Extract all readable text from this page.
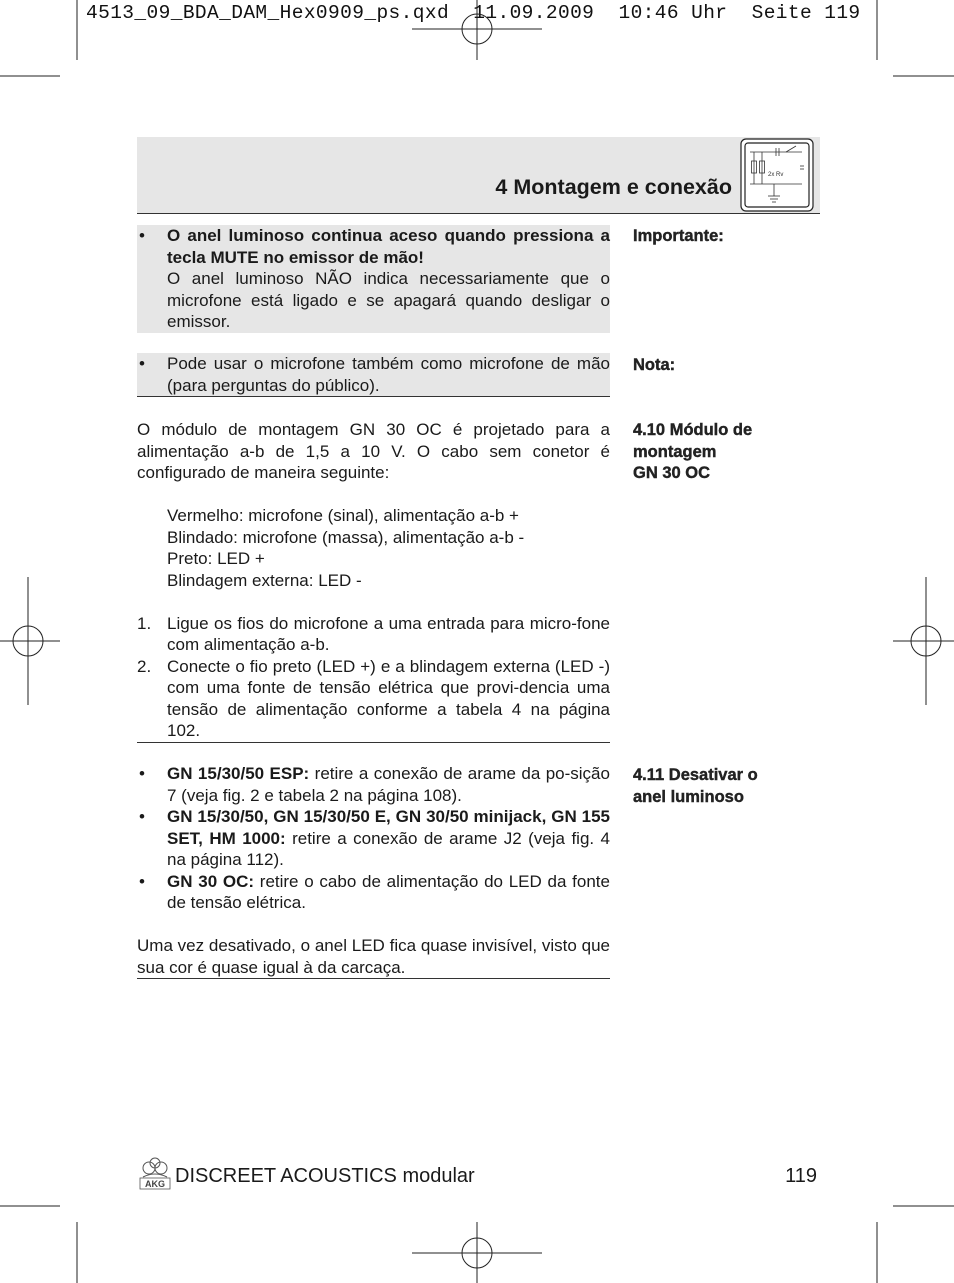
4513_09_BDA_DAM_Hex0909_ps.qxd  11.09.2009  10:46 Uhr  Seite 119
4 Montagem e conexão	2x Rv
• O anel luminoso continua aceso quando pressiona a tecla MUTE no emissor de mão!
O anel luminoso NÃO indica necessariamente que o microfone está ligado e se apagará quando desligar o emissor.
Importante:
• Pode usar o microfone também como microfone de mão (para perguntas do público).
Nota:

O módulo de montagem GN 30 OC é projetado para a alimentação a-b de 1,5 a 10 V. O cabo sem conetor é configurado de maneira seguinte:

Vermelho: microfone (sinal), alimentação a-b +

Blindado: microfone (massa), alimentação a-b -

Preto: LED +

Blindagem externa: LED -

1. Ligue os fios do microfone a uma entrada para micro-fone com alimentação a-b.
2. Conecte o fio preto (LED +) e a blindagem externa (LED -) com uma fonte de tensão elétrica que provi-dencia uma tensão de alimentação conforme a tabela 4 na página 102.
4.10 Módulo de
montagem
GN 30 OC
• GN 15/30/50 ESP: retire a conexão de arame da po-sição 7 (veja fig. 2 e tabela 2 na página 108).
• GN 15/30/50, GN 15/30/50 E, GN 30/50 minijack, GN 155 SET, HM 1000: retire a conexão de arame J2 (veja fig. 4 na página 112).
• GN 30 OC: retire o cabo de alimentação do LED da fonte de tensão elétrica.

Uma vez desativado, o anel LED fica quase invisível, visto que sua cor é quase igual à da carcaça.

4.11 Desativar o
anel luminoso
AKG DISCREET ACOUSTICS modular	119
